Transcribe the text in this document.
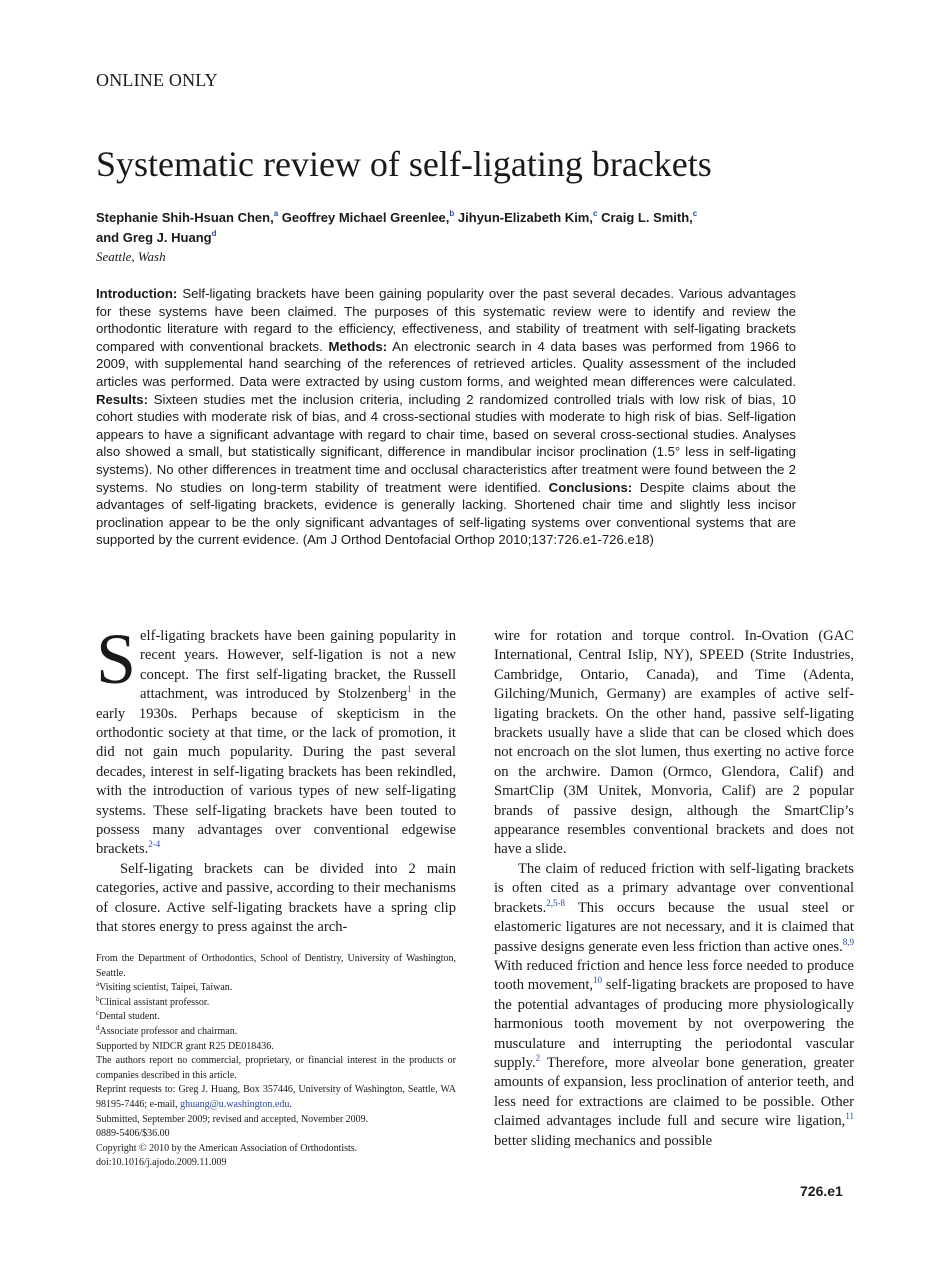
ONLINE ONLY
Systematic review of self-ligating brackets
Stephanie Shih-Hsuan Chen,$^a$ Geoffrey Michael Greenlee,$^b$ Jihyun-Elizabeth Kim,$^c$ Craig L. Smith,$^c$
and Greg J. Huang$^d$
Seattle, Wash
Introduction: Self-ligating brackets have been gaining popularity over the past several decades. Various advantages for these systems have been claimed. The purposes of this systematic review were to identify and review the orthodontic literature with regard to the efficiency, effectiveness, and stability of treatment with self-ligating brackets compared with conventional brackets. Methods: An electronic search in 4 data bases was performed from 1966 to 2009, with supplemental hand searching of the references of retrieved articles. Quality assessment of the included articles was performed. Data were extracted by using custom forms, and weighted mean differences were calculated. Results: Sixteen studies met the inclusion criteria, including 2 randomized controlled trials with low risk of bias, 10 cohort studies with moderate risk of bias, and 4 cross-sectional studies with moderate to high risk of bias. Self-ligation appears to have a significant advantage with regard to chair time, based on several cross-sectional studies. Analyses also showed a small, but statistically significant, difference in mandibular incisor proclination (1.5° less in self-ligating systems). No other differences in treatment time and occlusal characteristics after treatment were found between the 2 systems. No studies on long-term stability of treatment were identified. Conclusions: Despite claims about the advantages of self-ligating brackets, evidence is generally lacking. Shortened chair time and slightly less incisor proclination appear to be the only significant advantages of self-ligating systems over conventional systems that are supported by the current evidence. (Am J Orthod Dentofacial Orthop 2010;137:726.e1-726.e18)

Self-ligating brackets have been gaining popularity in recent years. However, self-ligation is not a new concept. The first self-ligating bracket, the Russell attachment, was introduced by Stolzenberg$^1$ in the early 1930s. Perhaps because of skepticism in the orthodontic society at that time, or the lack of promotion, it did not gain much popularity. During the past several decades, interest in self-ligating brackets has been rekindled, with the introduction of various types of new self-ligating systems. These self-ligating brackets have been touted to possess many advantages over conventional edgewise brackets.$^{2-4}$

Self-ligating brackets can be divided into 2 main categories, active and passive, according to their mechanisms of closure. Active self-ligating brackets have a spring clip that stores energy to press against the arch-

From the Department of Orthodontics, School of Dentistry, University of Washington, Seattle.
$^a$Visiting scientist, Taipei, Taiwan.
$^b$Clinical assistant professor.
$^c$Dental student.
$^d$Associate professor and chairman.
Supported by NIDCR grant R25 DE018436.
The authors report no commercial, proprietary, or financial interest in the products or companies described in this article.
Reprint requests to: Greg J. Huang, Box 357446, University of Washington, Seattle, WA 98195-7446; e-mail, ghuang@u.washington.edu.
Submitted, September 2009; revised and accepted, November 2009.
0889-5406/$36.00
Copyright © 2010 by the American Association of Orthodontists.
doi:10.1016/j.ajodo.2009.11.009

wire for rotation and torque control. In-Ovation (GAC International, Central Islip, NY), SPEED (Strite Industries, Cambridge, Ontario, Canada), and Time (Adenta, Gilching/Munich, Germany) are examples of active self-ligating brackets. On the other hand, passive self-ligating brackets usually have a slide that can be closed which does not encroach on the slot lumen, thus exerting no active force on the archwire. Damon (Ormco, Glendora, Calif) and SmartClip (3M Unitek, Monvoria, Calif) are 2 popular brands of passive design, although the SmartClip’s appearance resembles conventional brackets and does not have a slide.

The claim of reduced friction with self-ligating brackets is often cited as a primary advantage over conventional brackets.$^{2,5-8}$ This occurs because the usual steel or elastomeric ligatures are not necessary, and it is claimed that passive designs generate even less friction than active ones.$^{8,9}$ With reduced friction and hence less force needed to produce tooth movement,$^{10}$ self-ligating brackets are proposed to have the potential advantages of producing more physiologically harmonious tooth movement by not overpowering the musculature and interrupting the periodontal vascular supply.$^2$ Therefore, more alveolar bone generation, greater amounts of expansion, less proclination of anterior teeth, and less need for extractions are claimed to be possible. Other claimed advantages include full and secure wire ligation,$^{11}$ better sliding mechanics and possible

726.e1
